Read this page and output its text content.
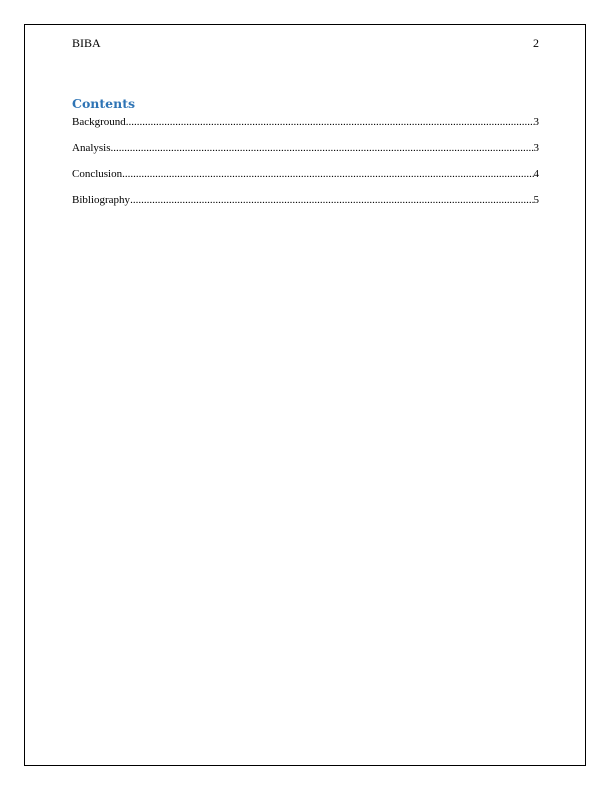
BIBA	2
Contents
Background .....	3
Analysis .....	3
Conclusion .....	4
Bibliography .....	5
